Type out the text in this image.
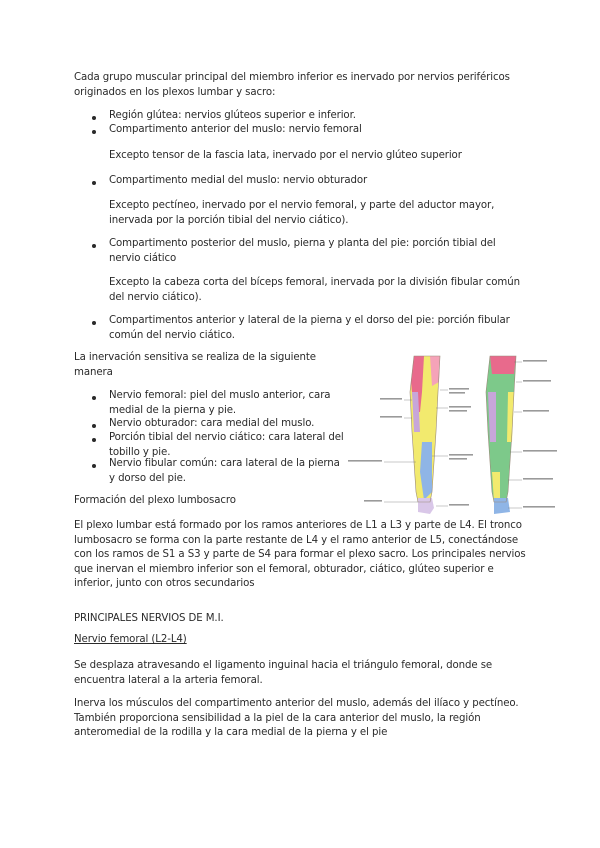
Cada grupo muscular principal del miembro inferior es inervado por nervios periféricos originados en los plexos lumbar y sacro:

Región glútea: nervios glúteos superior e inferior.

Compartimento anterior del muslo: nervio femoral

Excepto tensor de la fascia lata, inervado por el nervio glúteo superior

Compartimento medial del muslo: nervio obturador

Excepto pectíneo, inervado por el nervio femoral, y parte del aductor mayor, inervada por la porción tibial del nervio ciático).

Compartimento posterior del muslo, pierna y planta del pie: porción tibial del nervio ciático

Excepto la cabeza corta del bíceps femoral, inervada por la división fibular común del nervio ciático).

Compartimentos anterior y lateral de la pierna y el dorso del pie: porción fibular común del nervio ciático.

La inervación sensitiva se realiza de la siguiente manera

Nervio femoral: piel del muslo anterior, cara medial de la pierna y pie.

Nervio obturador: cara medial del muslo.

Porción tibial del nervio ciático: cara lateral del tobillo y pie.

Nervio fibular común: cara lateral de la pierna y dorso del pie.

Formación del plexo lumbosacro

El plexo lumbar está formado por los ramos anteriores de L1 a L3 y parte de L4. El tronco lumbosacro se forma con la parte restante de L4 y el ramo anterior de L5, conectándose con los ramos de S1 a S3 y parte de S4 para formar el plexo sacro. Los principales nervios que inervan el miembro inferior son el femoral, obturador, ciático, glúteo superior e inferior, junto con otros secundarios

PRINCIPALES NERVIOS DE M.I.

Nervio femoral (L2-L4)

Se desplaza atravesando el ligamento inguinal hacia el triángulo femoral, donde se encuentra lateral a la arteria femoral.

Inerva los músculos del compartimento anterior del muslo, además del ilíaco y pectíneo. También proporciona sensibilidad a la piel de la cara anterior del muslo, la región anteromedial de la rodilla y la cara medial de la pierna y el pie
